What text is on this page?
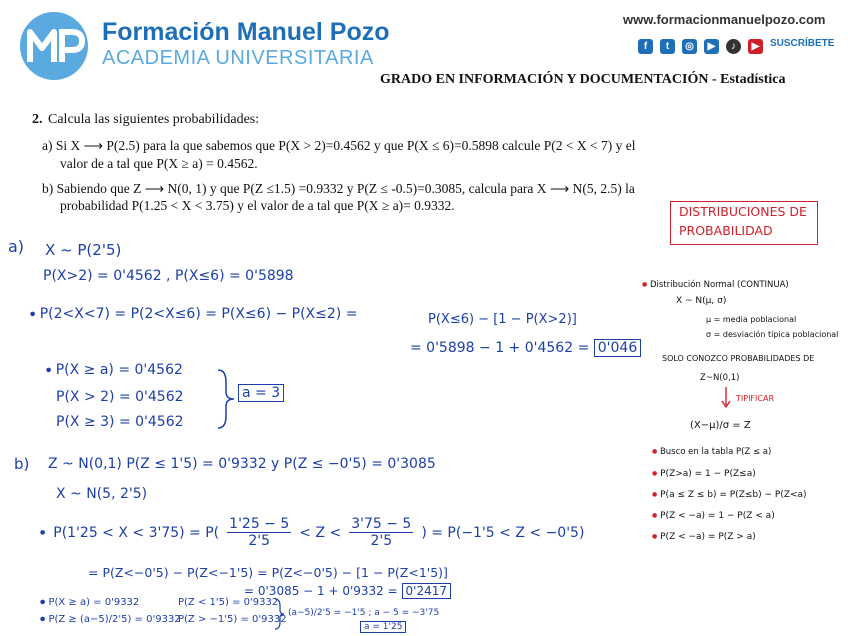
Formación Manuel Pozo
ACADEMIA UNIVERSITARIA
www.formacionmanuelpozo.com
f t ◎ ▶ ♪ ▶ $^{SUSCRÍBETE}$
GRADO EN INFORMACIÓN Y DOCUMENTACIÓN - Estadística
2. Calcula las siguientes probabilidades:
a) Si X ⟶ P(2.5) para la que sabemos que P(X > 2)=0.4562 y que P(X ≤ 6)=0.5898 calcule P(2 < X < 7) y el
valor de a tal que P(X ≥ a) = 0.4562.
b) Sabiendo que Z ⟶ N(0, 1) y que P(Z ≤1.5) =0.9332 y P(Z ≤ -0.5)=0.3085, calcula para X ⟶ N(5, 2.5) la
probabilidad P(1.25 < X < 3.75) y el valor de a tal que P(X ≥ a)= 0.9332.	DISTRIBUCIONES DE
PROBABILIDAD
● Distribución Normal (CONTINUA)
X ~ N(μ, σ)
μ = media poblacional
σ = desviación típica poblacional
SOLO CONOZCO PROBABILIDADES DE
Z~N(0,1)
TIPIFICAR
(X−μ)/σ = Z
● Busco en la tabla P(Z ≤ a)
● P(Z>a) = 1 − P(Z≤a)
● P(a ≤ Z ≤ b) = P(Z≤b) − P(Z<a)
● P(Z < −a) = 1 − P(Z < a)
● P(Z < −a) = P(Z > a)
a) X ~ P(2'5)
P(X>2) = 0'4562 , P(X≤6) = 0'5898
● P(2<X<7) = P(2<X≤6) = P(X≤6) − P(X≤2) =	P(X≤6) − [1 − P(X>2)]
= 0'5898 − 1 + 0'4562 = 0'046
● P(X ≥ a) = 0'4562
P(X > 2) = 0'4562
P(X ≥ 3) = 0'4562
a = 3
b) Z ~ N(0,1) P(Z ≤ 1'5) = 0'9332 y P(Z ≤ −0'5) = 0'3085
X ~ N(5, 2'5)
● $P(1'25 < X < 3'75) = P( \frac{1'25 - 5}{2'5} < Z < \frac{3'75 - 5}{2'5}$ ) = P(−1'5 < Z < −0'5)
= P(Z<−0'5) − P(Z<−1'5) = P(Z<−0'5) − [1 − P(Z<1'5)]
= 0'3085 − 1 + 0'9332 = 0'2417
● P(X ≥ a) = 0'9332
● P(Z ≥ (a−5)/2'5) = 0'9332
P(Z < 1'5) = 0'9332
P(Z > −1'5) = 0'9332
(a−5)/2'5 = −1'5 ; a − 5 = −3'75
a = 1'25
